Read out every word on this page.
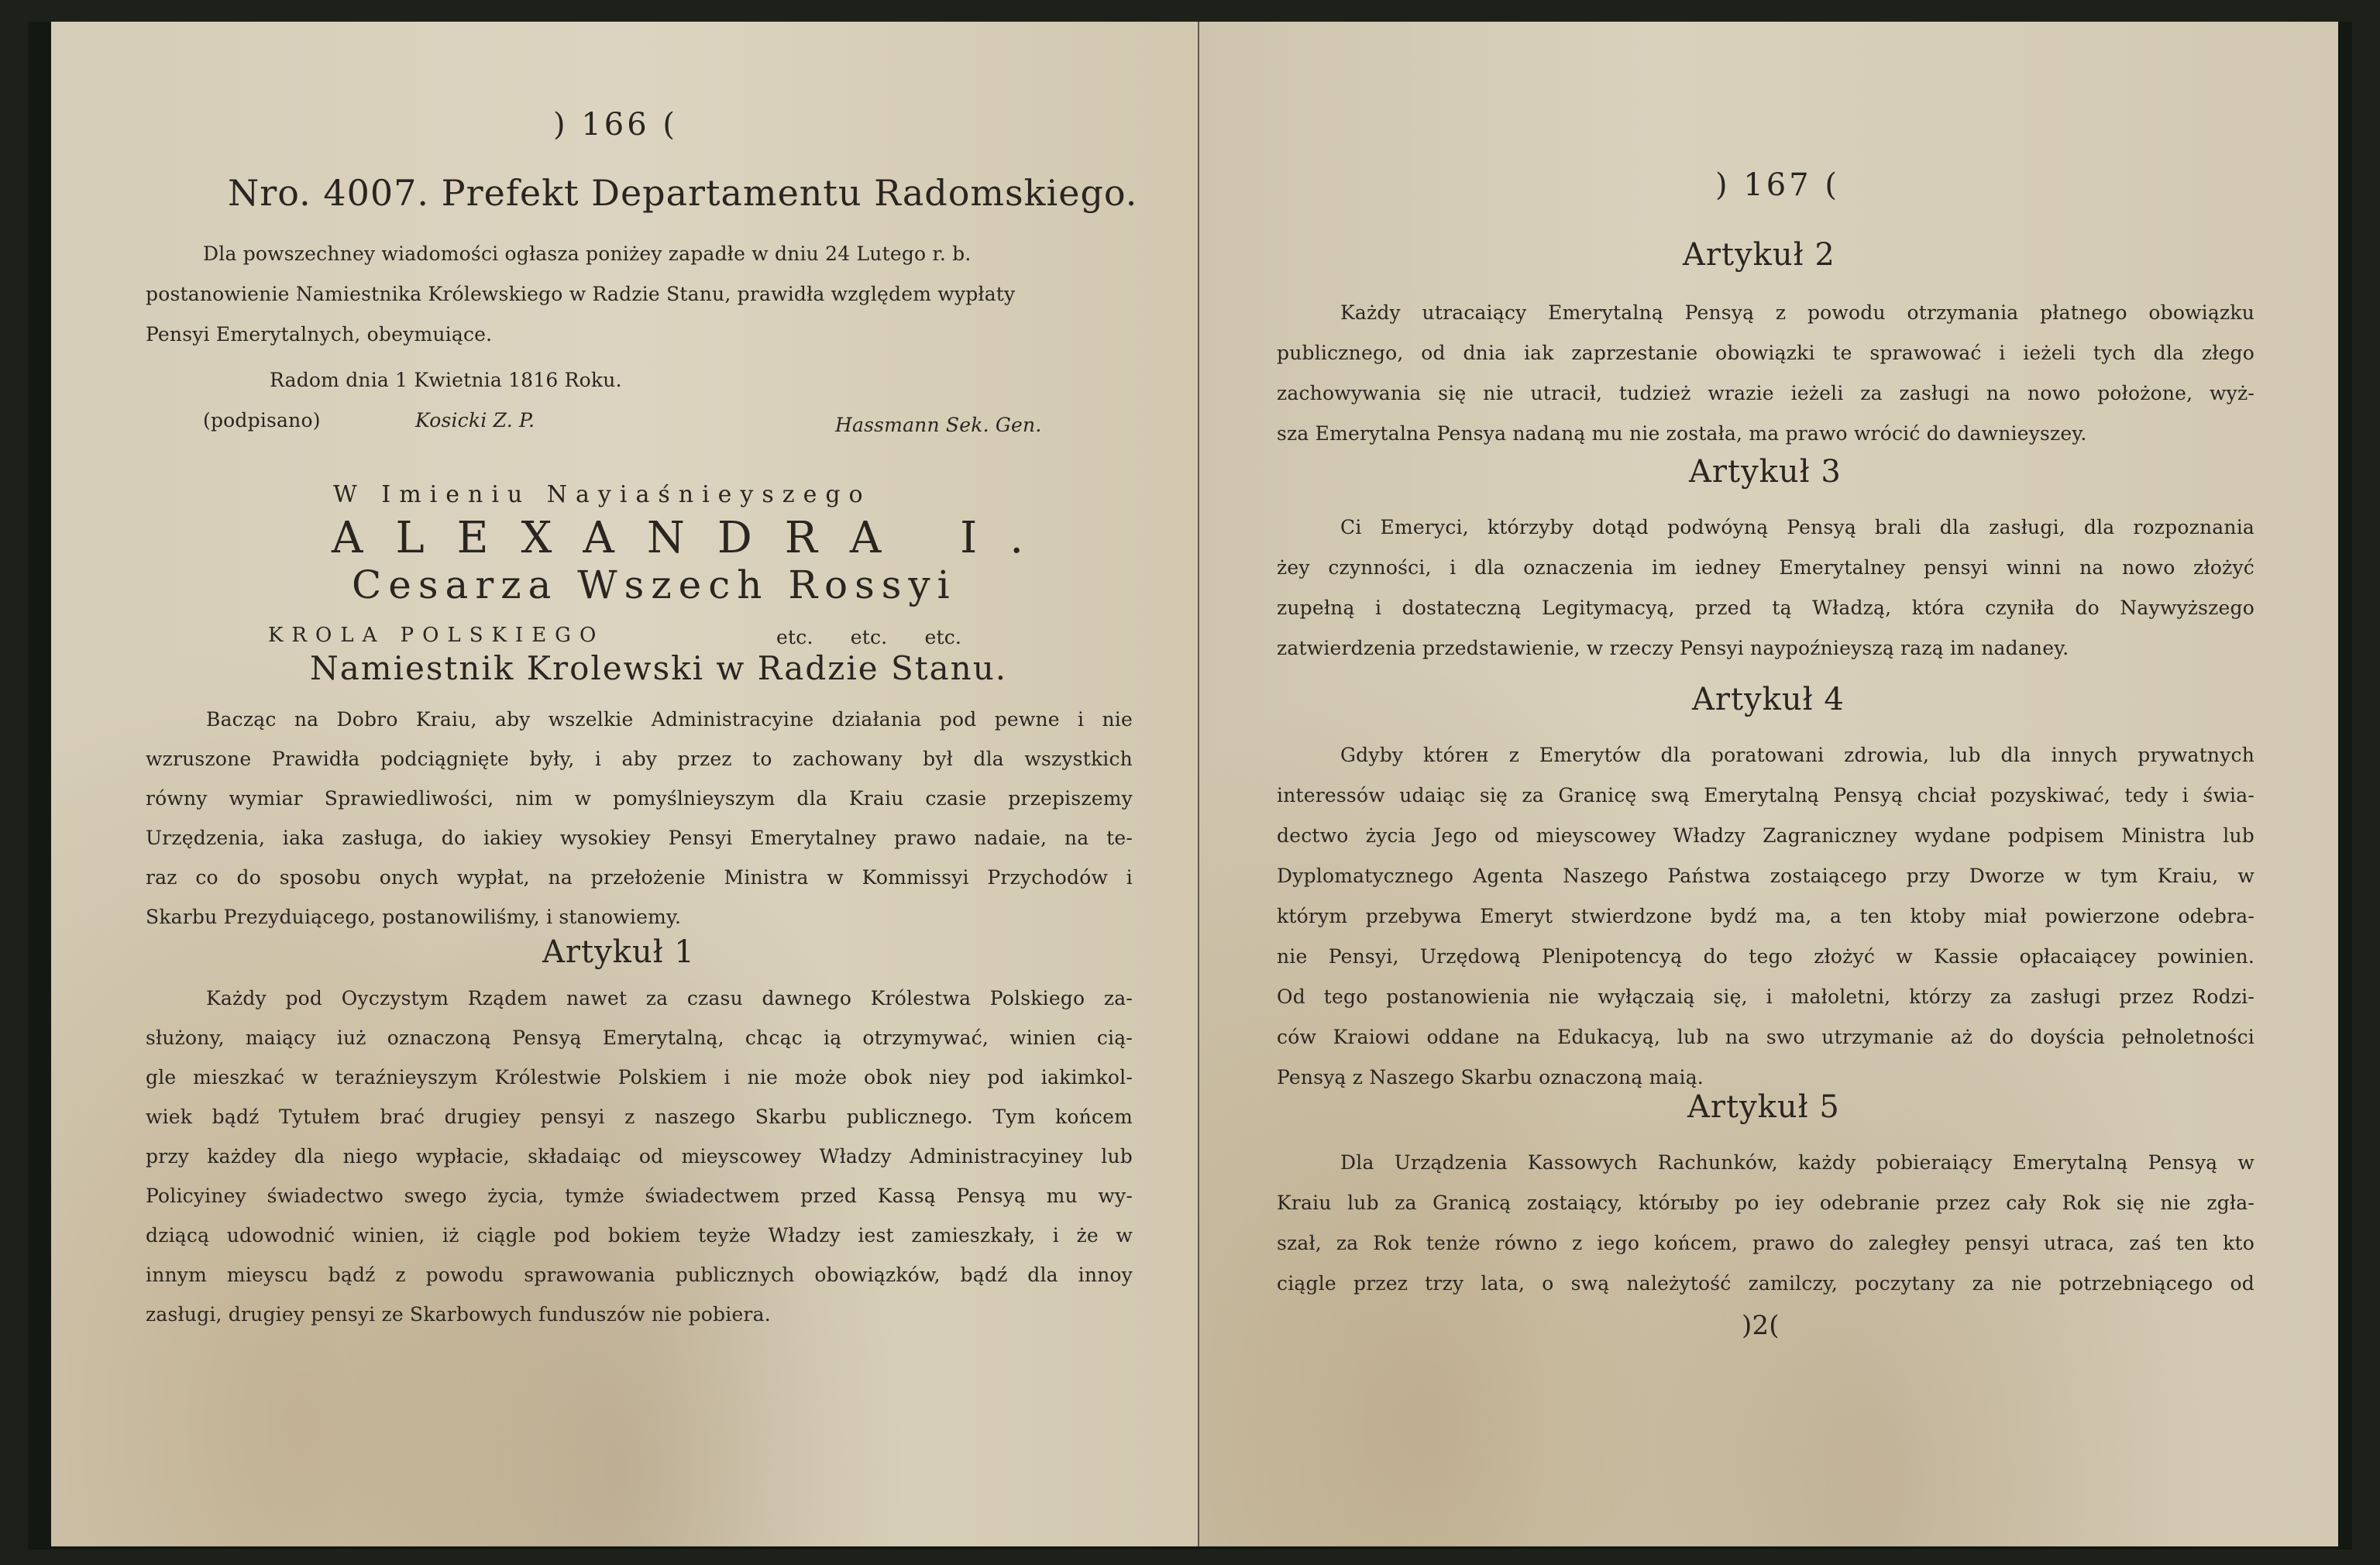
) 166 (
Nro. 4007. Prefekt Departamentu Radomskiego.
Dla powszechney wiadomości ogłasza poniżey zapadłe w dniu 24 Lutego r. b.
postanowienie Namiestnika Królewskiego w Radzie Stanu, prawidła względem wypłaty
Pensyi Emerytalnych, obeymuiące.
Radom dnia 1 Kwietnia 1816 Roku.
(podpisano)	Kosicki Z. P.	Hassmann Sek. Gen.
W Imieniu Nayiaśnieyszego
ALEXANDRA I.
Cesarza Wszech Rossyi
KROLA POLSKIEGO	etc. etc. etc.
Namiestnik Krolewski w Radzie Stanu.
Bacząc na Dobro Kraiu, aby wszelkie Administracyine działania pod pewne i nie
wzruszone Prawidła podciągnięte były, i aby przez to zachowany był dla wszystkich
równy wymiar Sprawiedliwości, nim w pomyślnieyszym dla Kraiu czasie przepiszemy
Urzędzenia, iaka zasługa, do iakiey wysokiey Pensyi Emerytalney prawo nadaie, na te-
raz co do sposobu onych wypłat, na przełożenie Ministra w Kommissyi Przychodów i
Skarbu Prezyduiącego, postanowiliśmy, i stanowiemy.
Artykuł 1
Każdy pod Oyczystym Rządem nawet za czasu dawnego Królestwa Polskiego za-
służony, maiący iuż oznaczoną Pensyą Emerytalną, chcąc ią otrzymywać, winien cią-
gle mieszkać w teraźnieyszym Królestwie Polskiem i nie może obok niey pod iakimkol-
wiek bądź Tytułem brać drugiey pensyi z naszego Skarbu publicznego. Tym końcem
przy każdey dla niego wypłacie, składaiąc od mieyscowey Władzy Administracyiney lub
Policyiney świadectwo swego życia, tymże świadectwem przed Kassą Pensyą mu wy-
dziącą udowodnić winien, iż ciągle pod bokiem teyże Władzy iest zamieszkały, i że w
innym mieyscu bądź z powodu sprawowania publicznych obowiązków, bądź dla innoy
zasługi, drugiey pensyi ze Skarbowych funduszów nie pobiera.
) 167 (
Artykuł 2
Każdy utracaiący Emerytalną Pensyą z powodu otrzymania płatnego obowiązku
publicznego, od dnia iak zaprzestanie obowiązki te sprawować i ieżeli tych dla złego
zachowywania się nie utracił, tudzież wrazie ieżeli za zasługi na nowo położone, wyż-
sza Emerytalna Pensya nadaną mu nie została, ma prawo wrócić do dawnieyszey.
Artykuł 3
Ci Emeryci, którzyby dotąd podwóyną Pensyą brali dla zasługi, dla rozpoznania
żey czynności, i dla oznaczenia im iedney Emerytalney pensyi winni na nowo złożyć
zupełną i dostateczną Legitymacyą, przed tą Władzą, która czyniła do Naywyższego
zatwierdzenia przedstawienie, w rzeczy Pensyi naypoźnieyszą razą im nadaney.
Artykuł 4
Gdyby którен z Emerytów dla poratowani zdrowia, lub dla innych prywatnych
interessów udaiąc się za Granicę swą Emerytalną Pensyą chciał pozyskiwać, tedy i świa-
dectwo życia Jego od mieyscowey Władzy Zagraniczney wydane podpisem Ministra lub
Dyplomatycznego Agenta Naszego Państwa zostaiącego przy Dworze w tym Kraiu, w
którym przebywa Emeryt stwierdzone bydź ma, a ten ktoby miał powierzone odebra-
nie Pensyi, Urzędową Plenipotencyą do tego złożyć w Kassie opłacaiącey powinien.
Od tego postanowienia nie wyłączaią się, i małoletni, którzy za zasługi przez Rodzi-
ców Kraiowi oddane na Edukacyą, lub na swo utrzymanie aż do doyścia pełnoletności
Pensyą z Naszego Skarbu oznaczoną maią.
Artykuł 5
Dla Urządzenia Kassowych Rachunków, każdy pobieraiący Emerytalną Pensyą w
Kraiu lub za Granicą zostaiący, którыby po iey odebranie przez cały Rok się nie zgła-
szał, za Rok tenże równo z iego końcem, prawo do zaległey pensyi utraca, zaś ten kto
ciągle przez trzy lata, o swą należytość zamilczy, poczytany za nie potrzebniącego od
)2(
